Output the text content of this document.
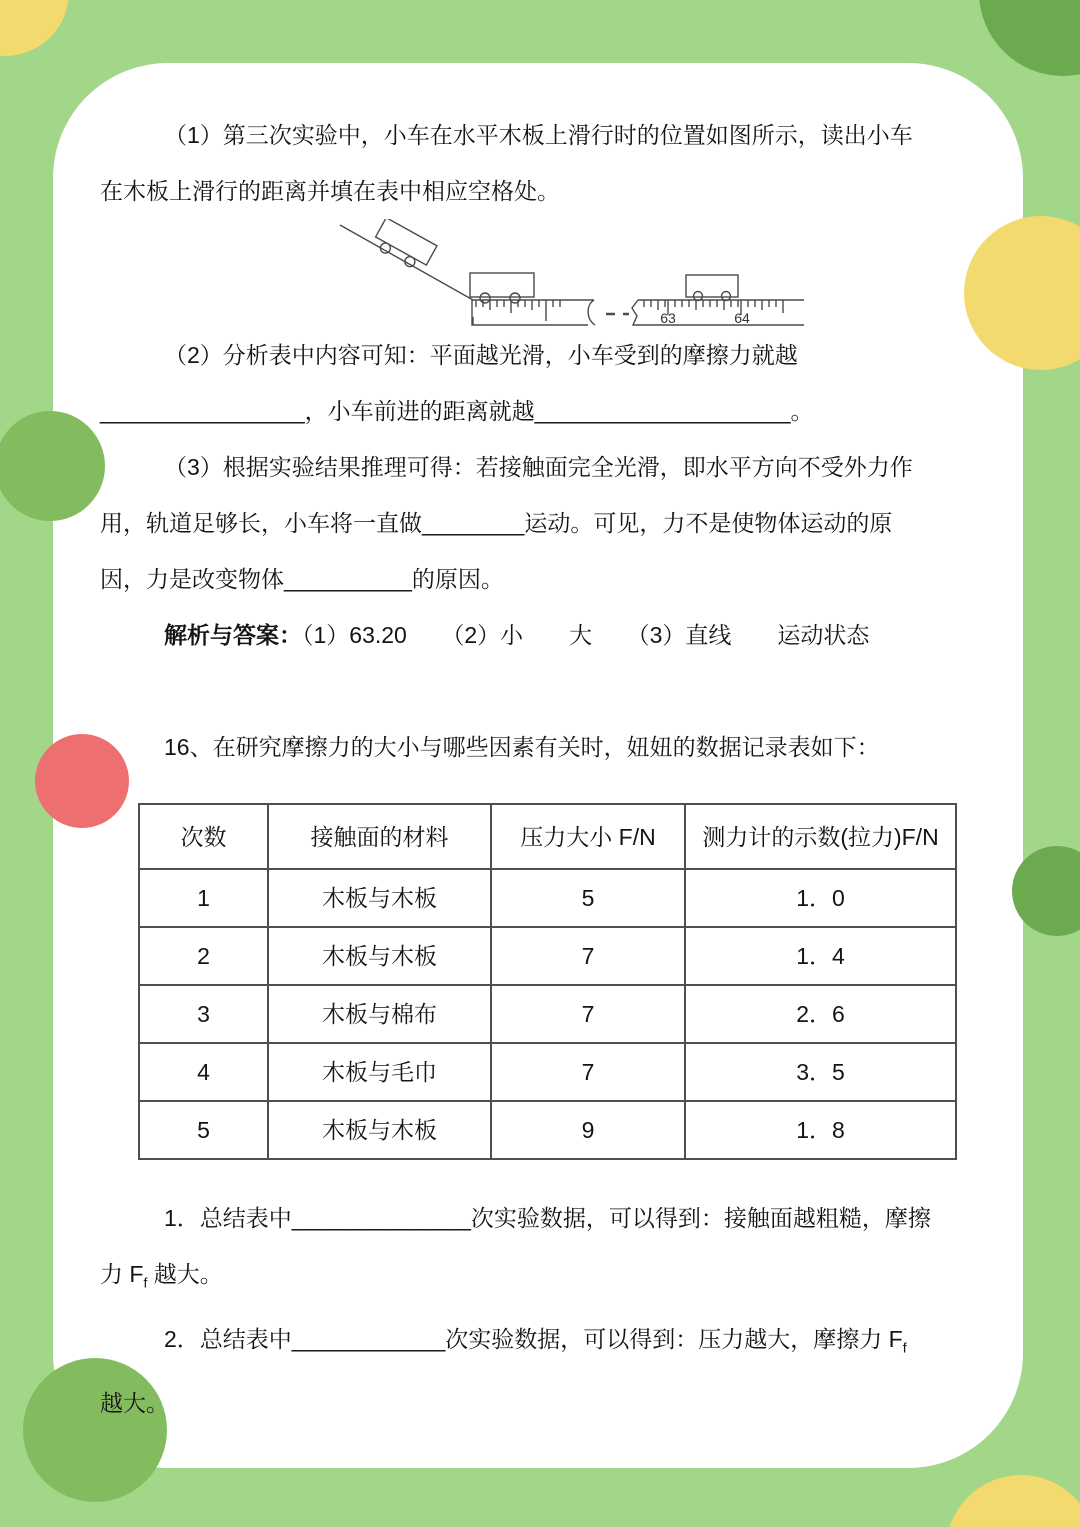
（1）第三次实验中，小车在水平木板上滑行时的位置如图所示，读出小车
在木板上滑行的距离并填在表中相应空格处。
63	64
（2）分析表中内容可知：平面越光滑，小车受到的摩擦力就越
________________，小车前进的距离就越____________________。
（3）根据实验结果推理可得：若接触面完全光滑，即水平方向不受外力作
用，轨道足够长，小车将一直做________运动。可见，力不是使物体运动的原
因，力是改变物体__________的原因。
解析与答案：（1）63.20　　（2）小　　大　　（3）直线　　运动状态
16、在研究摩擦力的大小与哪些因素有关时，妞妞的数据记录表如下：
次数	接触面的材料	压力大小 F/N	测力计的示数(拉力)F/N
1	木板与木板	5	1．0
2	木板与木板	7	1．4
3	木板与棉布	7	2．6
4	木板与毛巾	7	3．5
5	木板与木板	9	1．8
1．总结表中______________次实验数据，可以得到：接触面越粗糙，摩擦
力 $F_f$ 越大。
2．总结表中____________次实验数据，可以得到：压力越大，摩擦力 $F_f$
越大。
